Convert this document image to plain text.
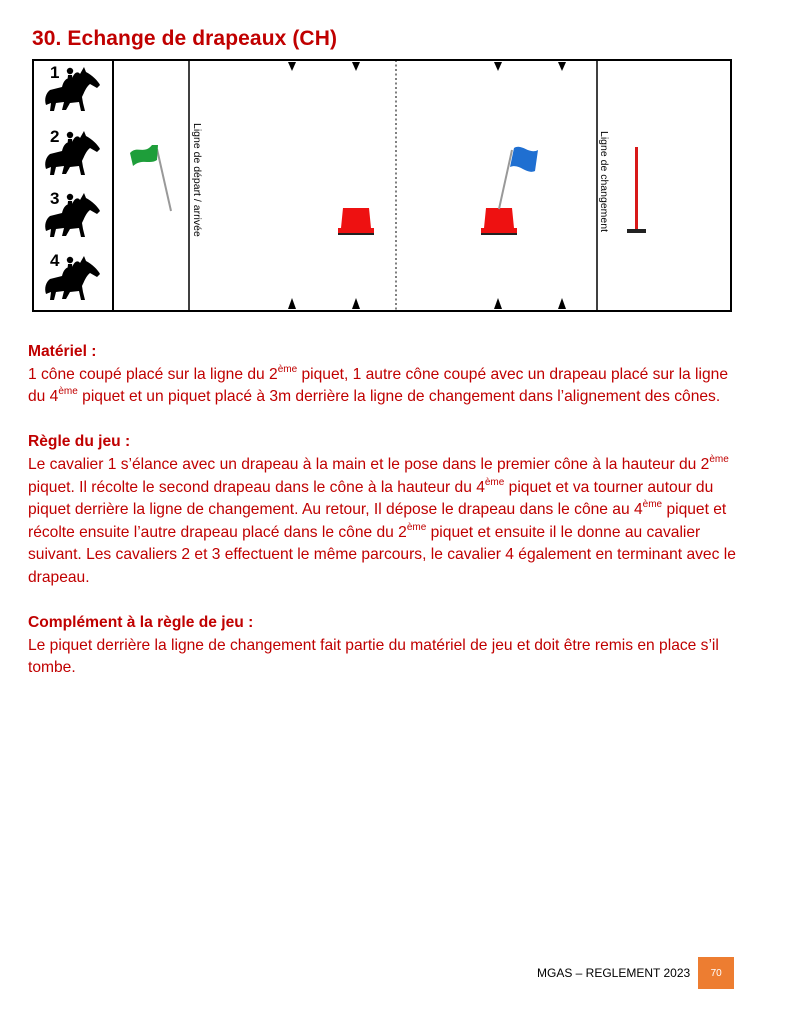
30. Echange de drapeaux (CH)
1
2
3
4
Ligne de départ / arrivée	Ligne de changement
Matériel :

1 cône coupé placé sur la ligne du 2ème piquet, 1 autre cône coupé avec un drapeau placé sur la ligne du 4ème piquet et un piquet placé à 3m derrière la ligne de changement dans l’alignement des cônes.

Règle du jeu :

Le cavalier 1 s’élance avec un drapeau à la main et le pose dans le premier cône à la hauteur du 2ème piquet. Il récolte le second drapeau dans le cône à la hauteur du 4ème piquet et va tourner autour du piquet derrière la ligne de changement. Au retour, Il dépose le drapeau dans le cône au 4ème piquet et récolte ensuite l’autre drapeau placé dans le cône du 2ème piquet et ensuite il le donne au cavalier suivant. Les cavaliers 2 et 3 effectuent le même parcours, le cavalier 4 également en terminant avec le drapeau.

Complément à la règle de jeu :

Le piquet derrière la ligne de changement fait partie du matériel de jeu et doit être remis en place s’il tombe.

MGAS – REGLEMENT 2023	70
